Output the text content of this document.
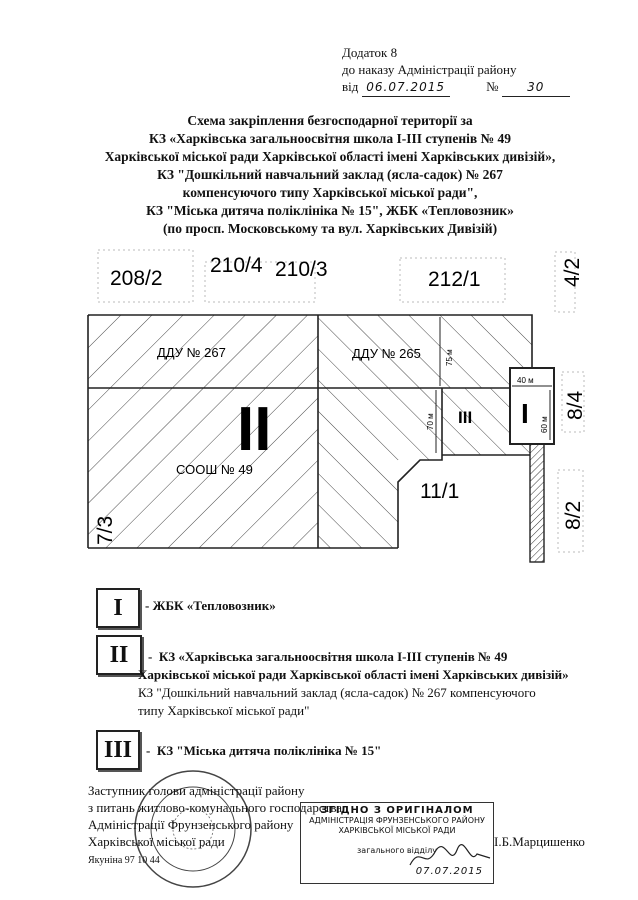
Додаток 8
до наказу Адміністрації району
від 06.07.2015	№ 30
Схема закріплення безгосподарної території за
КЗ «Харківська загальноосвітня школа І-ІІІ ступенів № 49
Харківської міської ради Харківської області імені Харківських дивізій»,
КЗ "Дошкільний навчальний заклад (ясла-садок) № 267
компенсуючого типу Харківської міської ради",
КЗ "Міська дитяча поліклініка № 15", ЖБК «Тепловозник»
(по просп. Московському та вул. Харківських Дивізій)
208/2
210/4 210/3	212/1	4/2
8/4
8/2
7/3
11/1
ДДУ № 267	ДДУ № 265
СООШ № 49
ІІ	ІІІ І
75 м
70 м
40 м
60 м
І	- ЖБК «Тепловозник»
ІІ	- КЗ «Харківська загальноосвітня школа І-ІІІ ступенів № 49
Харківської міської ради Харківської області імені Харківських дивізій»
КЗ "Дошкільний навчальний заклад (ясла-садок) № 267 компенсуючого
типу Харківської міської ради"
ІІІ	- КЗ "Міська дитяча поліклініка № 15"
Заступник голови адміністрації району
з питань житлово-комунального господарства
Адміністрації Фрунзенського району
Харківської міської ради	І.Б.Марцишенко
Якуніна 97 10 44
ЗГІДНО З ОРИГІНАЛОМ
АДМІНІСТРАЦІЯ ФРУНЗЕНСЬКОГО РАЙОНУ
ХАРКІВСЬКОЇ МІСЬКОЇ РАДИ
загального відділу
07.07.2015
